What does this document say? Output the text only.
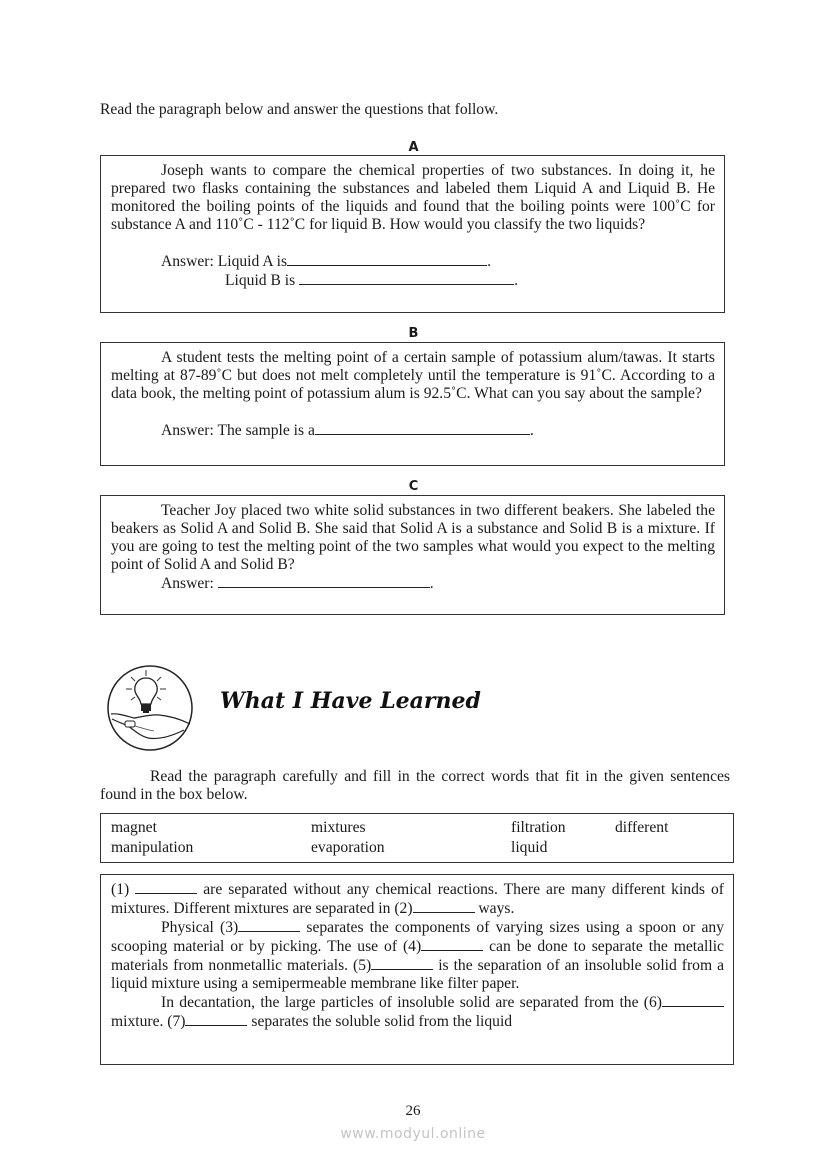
Read the paragraph below and answer the questions that follow.
A

Joseph wants to compare the chemical properties of two substances. In doing it, he prepared two flasks containing the substances and labeled them Liquid A and Liquid B. He monitored the boiling points of the liquids and found that the boiling points were 100˚C for substance A and 110˚C - 112˚C for liquid B. How would you classify the two liquids?

Answer: Liquid A is	.

Liquid B is	.

B

A student tests the melting point of a certain sample of potassium alum/tawas. It starts melting at 87-89˚C but does not melt completely until the temperature is 91˚C. According to a data book, the melting point of potassium alum is 92.5˚C. What can you say about the sample?

Answer: The sample is a	.

C

Teacher Joy placed two white solid substances in two different beakers. She labeled the beakers as Solid A and Solid B. She said that Solid A is a substance and Solid B is a mixture. If you are going to test the melting point of the two samples what would you expect to the melting point of Solid A and Solid B?

Answer:	.

What I Have Learned
Read the paragraph carefully and fill in the correct words that fit in the given sentences found in the box below.
magnet	mixtures	filtration	different
manipulation	evaporation	liquid

(1)	are separated without any chemical reactions. There are many different kinds of mixtures. Different mixtures are separated in (2)	ways.

Physical (3)	separates the components of varying sizes using a spoon or any scooping material or by picking. The use of (4)	can be done to separate the metallic materials from nonmetallic materials. (5)	is the separation of an insoluble solid from a liquid mixture using a semipermeable membrane like filter paper.

In decantation, the large particles of insoluble solid are separated from the (6) mixture. (7)	separates the soluble solid from the liquid

26
www.modyul.online
